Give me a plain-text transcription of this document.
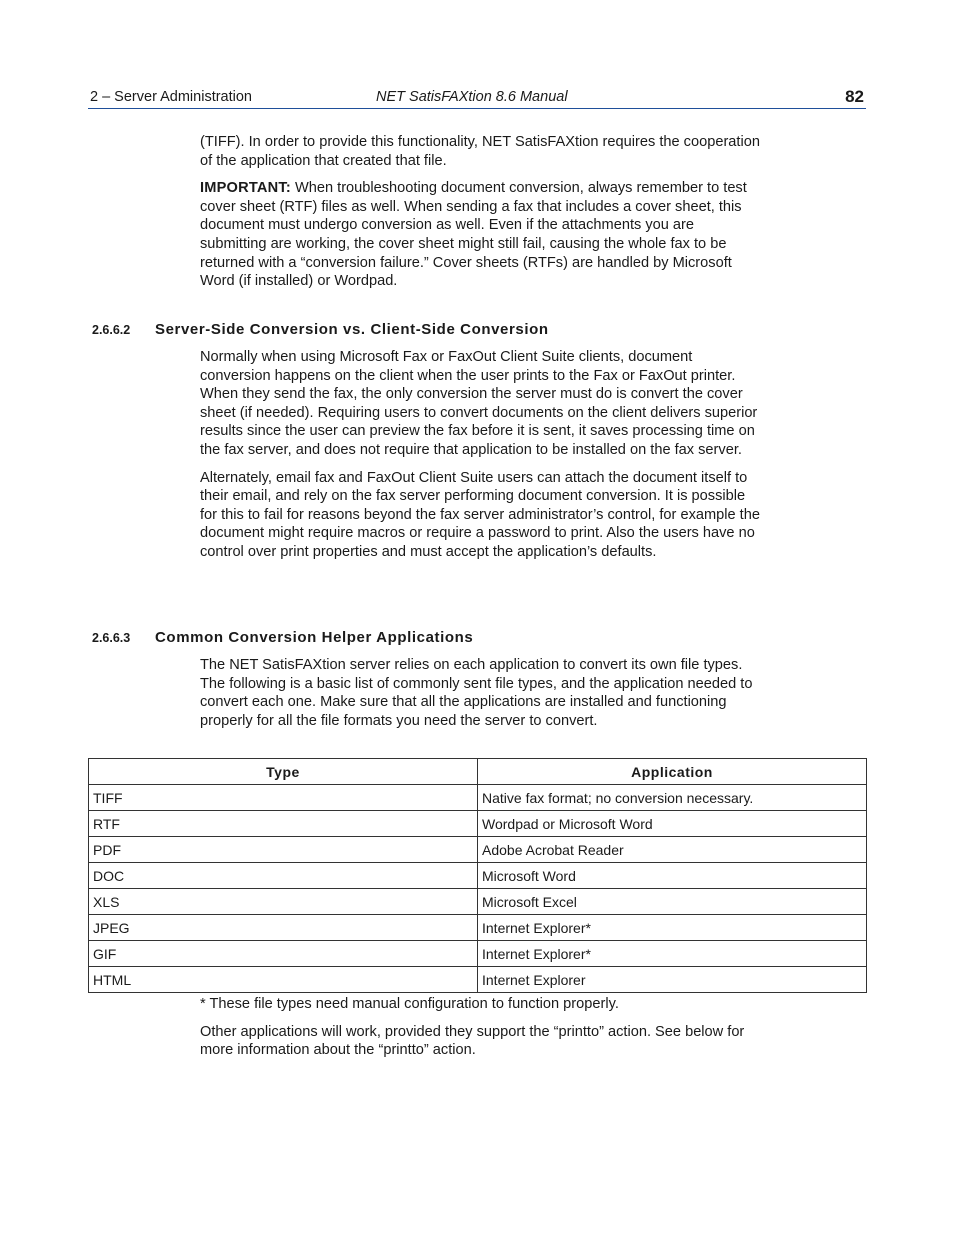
2 – Server Administration	NET SatisFAXtion 8.6 Manual	82

(TIFF). In order to provide this functionality, NET SatisFAXtion requires the cooperation of the application that created that file.

IMPORTANT: When troubleshooting document conversion, always remember to test cover sheet (RTF) files as well. When sending a fax that includes a cover sheet, this document must undergo conversion as well. Even if the attachments you are submitting are working, the cover sheet might still fail, causing the whole fax to be returned with a “conversion failure.” Cover sheets (RTFs) are handled by Microsoft Word (if installed) or Wordpad.

2.6.6.2 Server-Side Conversion vs. Client-Side Conversion

Normally when using Microsoft Fax or FaxOut Client Suite clients, document conversion happens on the client when the user prints to the Fax or FaxOut printer. When they send the fax, the only conversion the server must do is convert the cover sheet (if needed). Requiring users to convert documents on the client delivers superior results since the user can preview the fax before it is sent, it saves processing time on the fax server, and does not require that application to be installed on the fax server.

Alternately, email fax and FaxOut Client Suite users can attach the document itself to their email, and rely on the fax server performing document conversion. It is possible for this to fail for reasons beyond the fax server administrator’s control, for example the document might require macros or require a password to print. Also the users have no control over print properties and must accept the application’s defaults.

2.6.6.3 Common Conversion Helper Applications

The NET SatisFAXtion server relies on each application to convert its own file types. The following is a basic list of commonly sent file types, and the application needed to convert each one. Make sure that all the applications are installed and functioning properly for all the file formats you need the server to convert.

Type	Application
TIFF	Native fax format; no conversion necessary.
RTF	Wordpad or Microsoft Word
PDF	Adobe Acrobat Reader
DOC	Microsoft Word
XLS	Microsoft Excel
JPEG	Internet Explorer*
GIF	Internet Explorer*
HTML	Internet Explorer

* These file types need manual configuration to function properly.

Other applications will work, provided they support the “printto” action. See below for more information about the “printto” action.
